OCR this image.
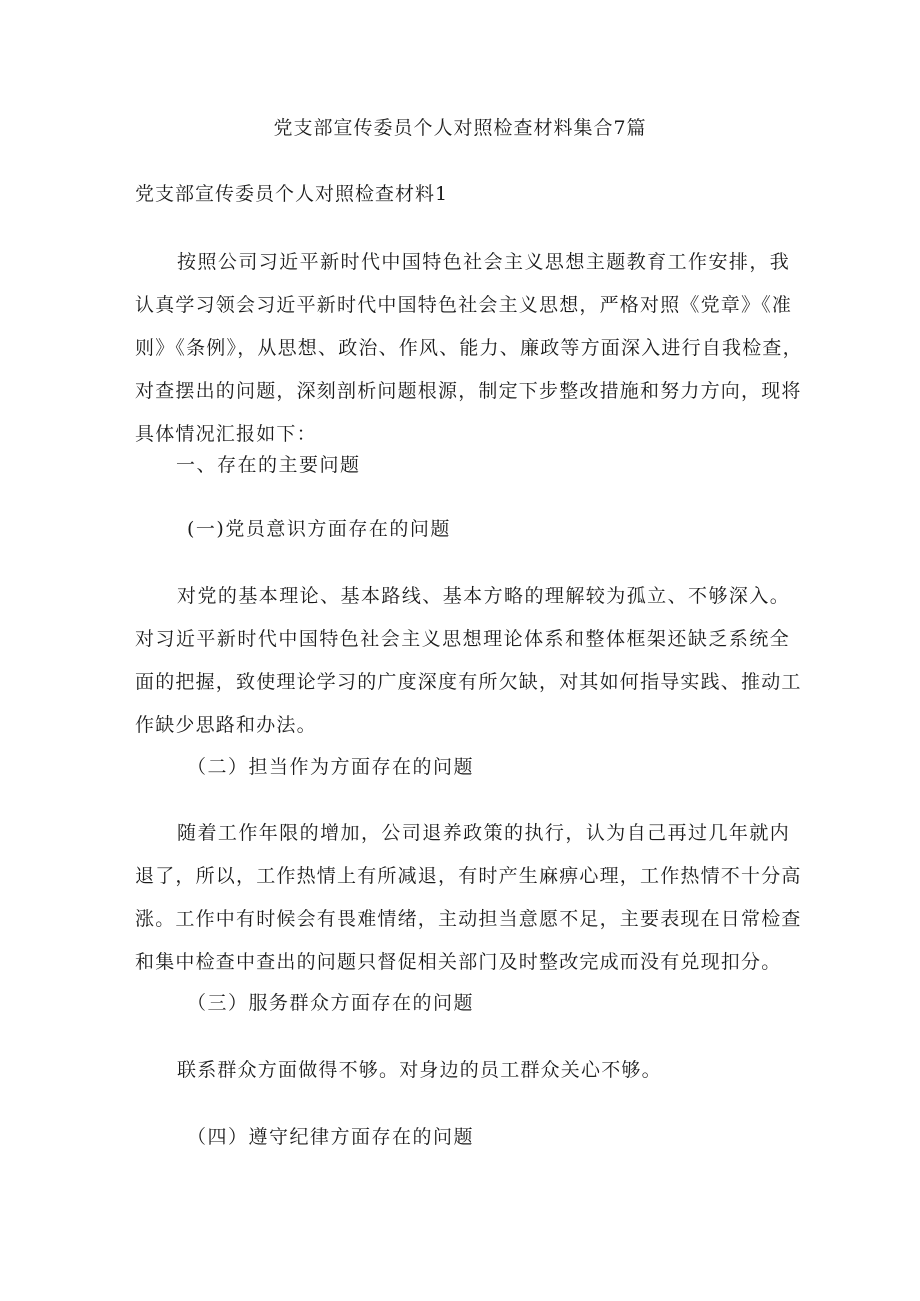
党支部宣传委员个人对照检查材料集合7篇

党支部宣传委员个人对照检查材料1

按照公司习近平新时代中国特色社会主义思想主题教育工作安排，我
认真学习领会习近平新时代中国特色社会主义思想，严格对照《党章》《准
则》《条例》，从思想、政治、作风、能力、廉政等方面深入进行自我检查，
对查摆出的问题，深刻剖析问题根源，制定下步整改措施和努力方向，现将
具体情况汇报如下：

一、存在的主要问题

(一)党员意识方面存在的问题

对党的基本理论、基本路线、基本方略的理解较为孤立、不够深入。
对习近平新时代中国特色社会主义思想理论体系和整体框架还缺乏系统全
面的把握，致使理论学习的广度深度有所欠缺，对其如何指导实践、推动工
作缺少思路和办法。

（二）担当作为方面存在的问题

随着工作年限的增加，公司退养政策的执行，认为自己再过几年就内
退了，所以，工作热情上有所减退，有时产生麻痹心理，工作热情不十分高
涨。工作中有时候会有畏难情绪，主动担当意愿不足，主要表现在日常检查
和集中检查中查出的问题只督促相关部门及时整改完成而没有兑现扣分。

（三）服务群众方面存在的问题

联系群众方面做得不够。对身边的员工群众关心不够。

（四）遵守纪律方面存在的问题
